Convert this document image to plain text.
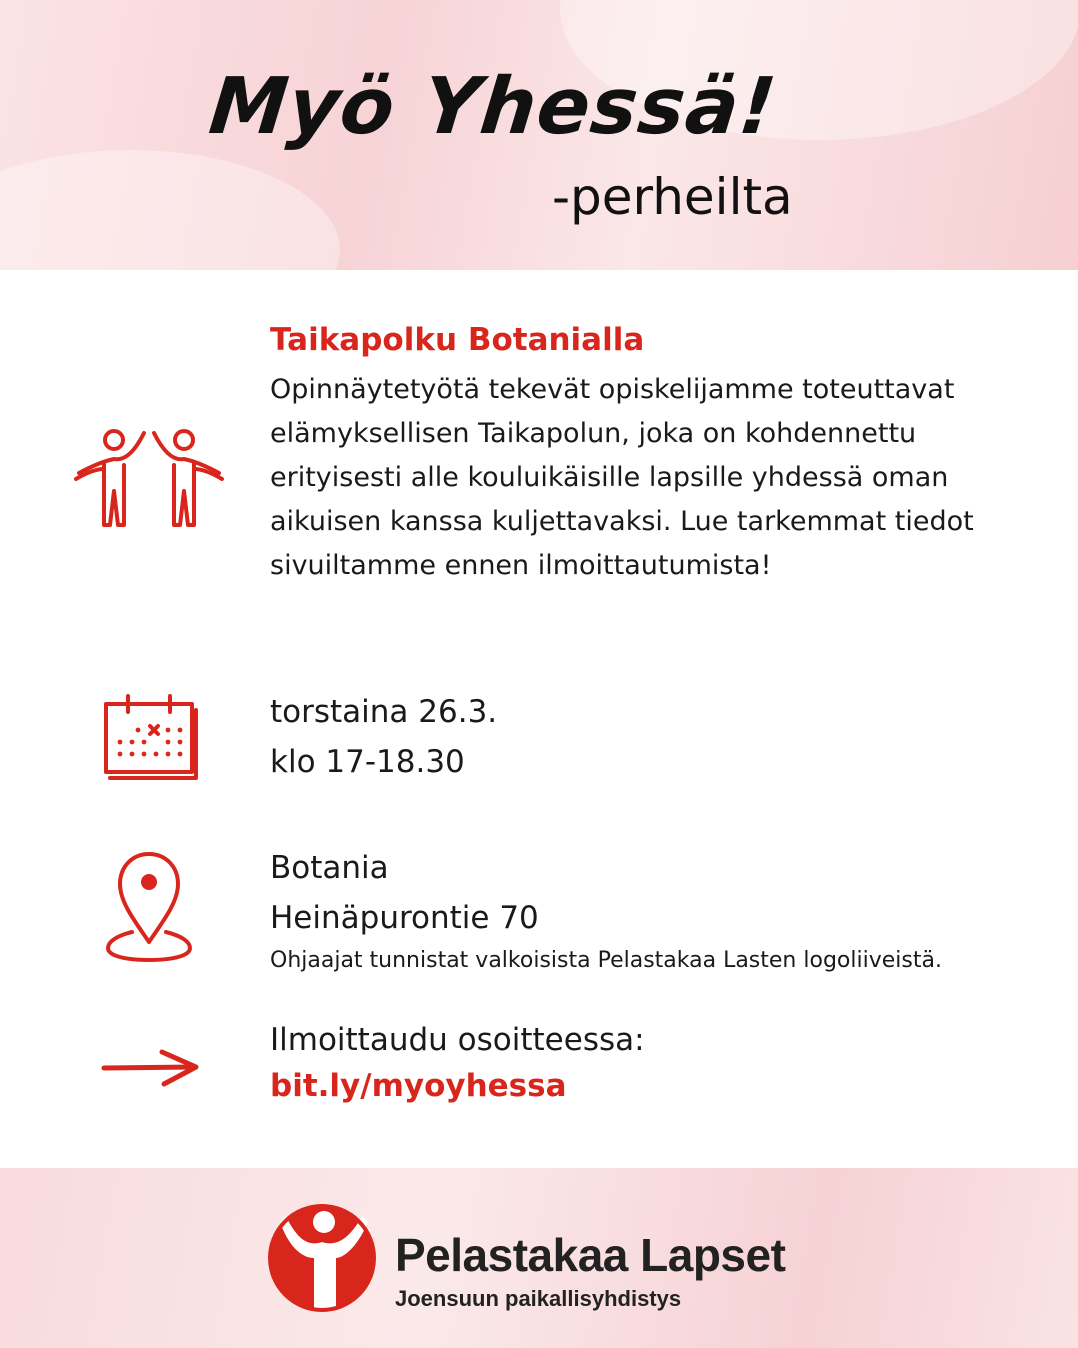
Myö Yhessä!
-perheilta
Taikapolku Botanialla

Opinnäytetyötä tekevät opiskelijamme toteuttavat elämyksellisen Taikapolun, joka on kohdennettu erityisesti alle kouluikäisille lapsille yhdessä oman aikuisen kanssa kuljettavaksi. Lue tarkemmat tiedot sivuiltamme ennen ilmoittautumista!

torstaina 26.3.
klo 17-18.30
Botania
Heinäpurontie 70
Ohjaajat tunnistat valkoisista Pelastakaa Lasten logoliiveistä.
Ilmoittaudu osoitteessa:
bit.ly/myoyhessa
Pelastakaa Lapset
Joensuun paikallisyhdistys
